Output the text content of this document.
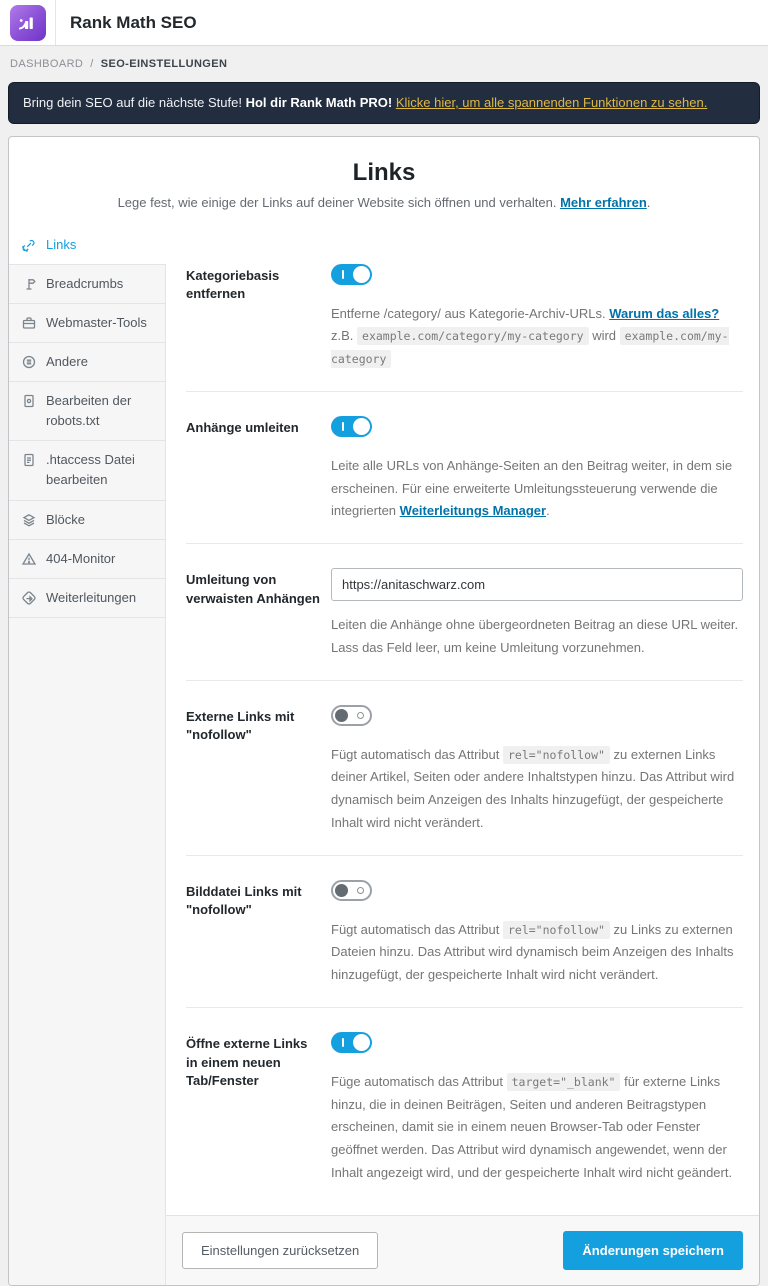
Rank Math SEO
DASHBOARD / SEO-EINSTELLUNGEN
Bring dein SEO auf die nächste Stufe! Hol dir Rank Math PRO! Klicke hier, um alle spannenden Funktionen zu sehen.
Links
Lege fest, wie einige der Links auf deiner Website sich öffnen und verhalten. Mehr erfahren.
Links
Breadcrumbs
Webmaster-Tools
Andere
Bearbeiten der robots.txt
.htaccess Datei bearbeiten
Blöcke
404-Monitor
Weiterleitungen
Kategoriebasis entfernen
Entferne /category/ aus Kategorie-Archiv-URLs. Warum das alles?
z.B. example.com/category/my-category wird example.com/my-category
Anhänge umleiten
Leite alle URLs von Anhänge-Seiten an den Beitrag weiter, in dem sie erscheinen. Für eine erweiterte Umleitungssteuerung verwende die integrierten Weiterleitungs Manager.
Umleitung von verwaisten Anhängen
https://anitaschwarz.com
Leiten die Anhänge ohne übergeordneten Beitrag an diese URL weiter. Lass das Feld leer, um keine Umleitung vorzunehmen.
Externe Links mit "nofollow"
Fügt automatisch das Attribut rel="nofollow" zu externen Links deiner Artikel, Seiten oder andere Inhaltstypen hinzu. Das Attribut wird dynamisch beim Anzeigen des Inhalts hinzugefügt, der gespeicherte Inhalt wird nicht verändert.
Bilddatei Links mit "nofollow"
Fügt automatisch das Attribut rel="nofollow" zu Links zu externen Dateien hinzu. Das Attribut wird dynamisch beim Anzeigen des Inhalts hinzugefügt, der gespeicherte Inhalt wird nicht verändert.
Öffne externe Links in einem neuen Tab/Fenster	Füge automatisch das Attribut target="_blank" für externe Links hinzu, die in deinen Beiträgen, Seiten und anderen Beitragstypen erscheinen, damit sie in einem neuen Browser-Tab oder Fenster geöffnet werden. Das Attribut wird dynamisch angewendet, wenn der Inhalt angezeigt wird, und der gespeicherte Inhalt wird nicht geändert.
Einstellungen zurücksetzen	Änderungen speichern
